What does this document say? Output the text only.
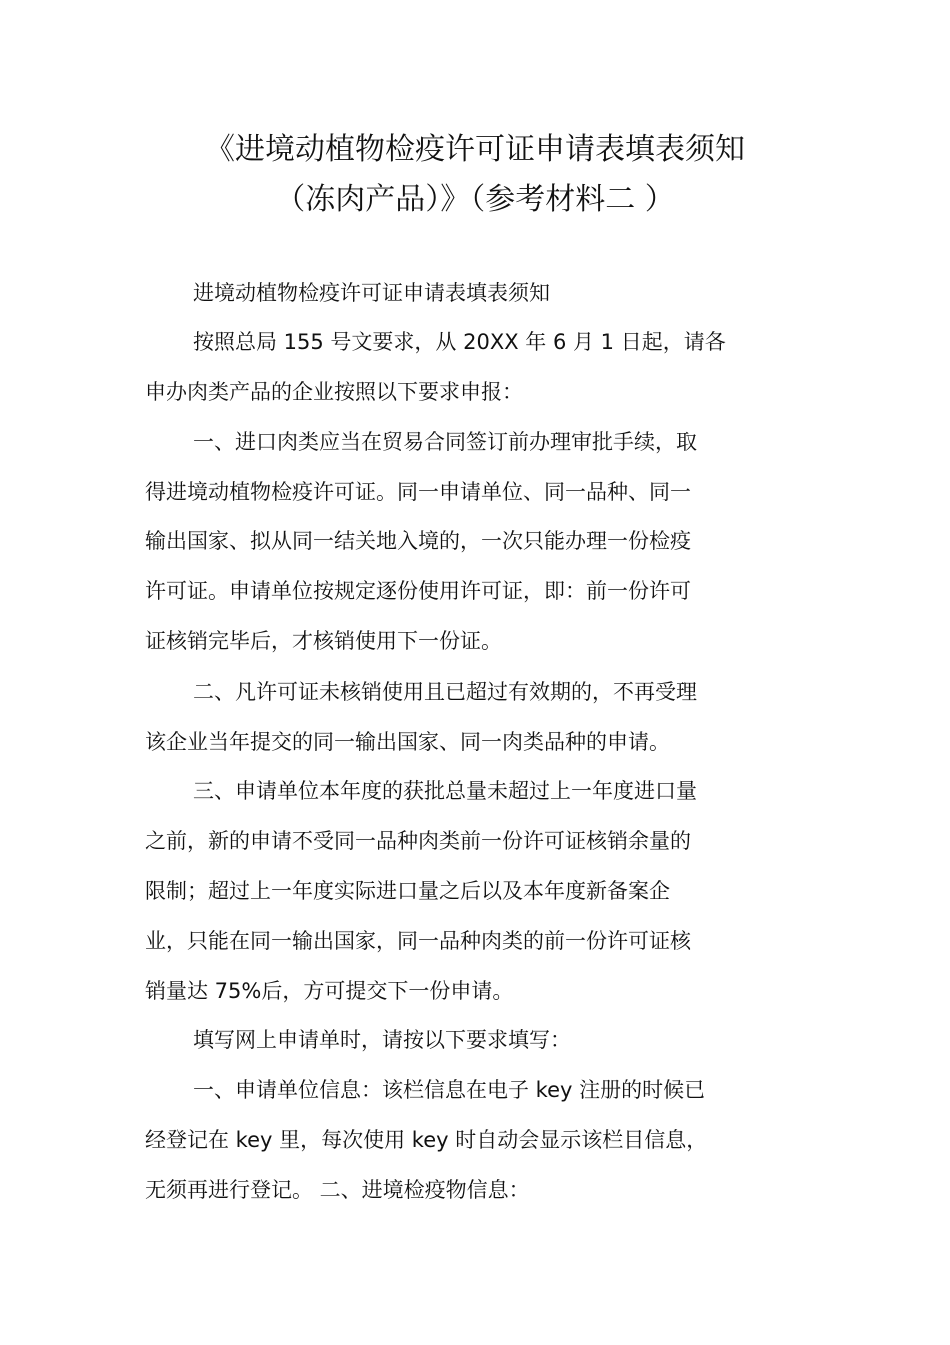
《进境动植物检疫许可证申请表填表须知
（冻肉产品）》（参考材料二 ）

进境动植物检疫许可证申请表填表须知

按照总局 155 号文要求，从 20XX 年 6 月 1 日起，请各

申办肉类产品的企业按照以下要求申报：

一、进口肉类应当在贸易合同签订前办理审批手续，取

得进境动植物检疫许可证。同一申请单位、同一品种、同一

输出国家、拟从同一结关地入境的，一次只能办理一份检疫

许可证。申请单位按规定逐份使用许可证，即：前一份许可

证核销完毕后，才核销使用下一份证。

二、凡许可证未核销使用且已超过有效期的，不再受理

该企业当年提交的同一输出国家、同一肉类品种的申请。

三、申请单位本年度的获批总量未超过上一年度进口量

之前，新的申请不受同一品种肉类前一份许可证核销余量的

限制；超过上一年度实际进口量之后以及本年度新备案企

业，只能在同一输出国家，同一品种肉类的前一份许可证核

销量达 75%后，方可提交下一份申请。

填写网上申请单时，请按以下要求填写：

一、申请单位信息：该栏信息在电子 key 注册的时候已

经登记在 key 里，每次使用 key 时自动会显示该栏目信息，

无须再进行登记。 二、进境检疫物信息：
